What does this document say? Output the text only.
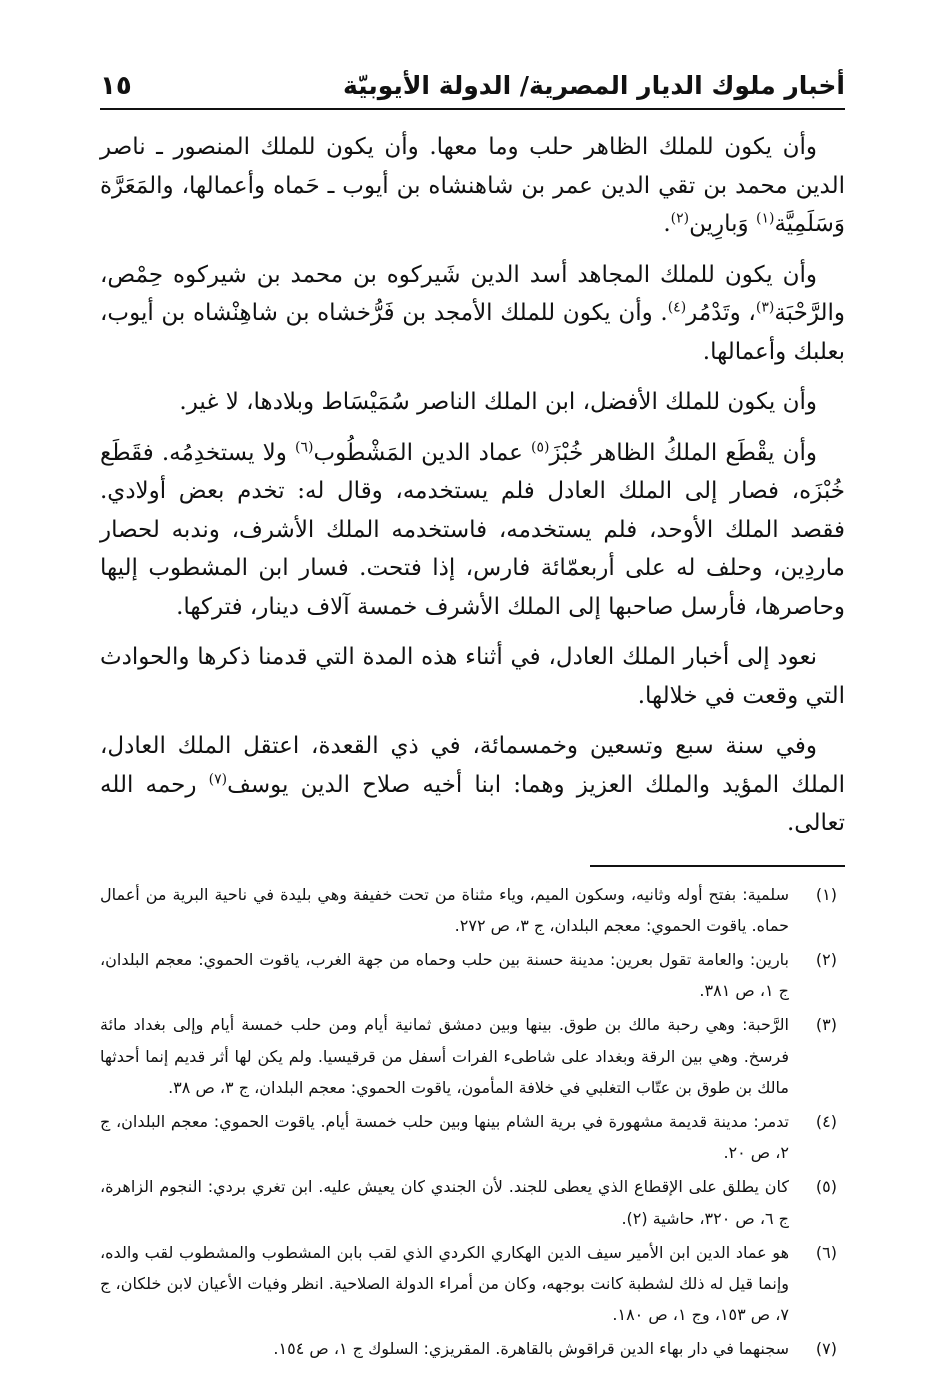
أخبار ملوك الديار المصرية/ الدولة الأيوبيّة
١٥

وأن يكون للملك الظاهر حلب وما معها. وأن يكون للملك المنصور ـ ناصر الدين محمد بن تقي الدين عمر بن شاهنشاه بن أيوب ـ حَماه وأعمالها، والمَعَرَّة وَسَلَمِيَّة$^{(١)}$ وَبارِين$^{(٢)}$.

وأن يكون للملك المجاهد أسد الدين شَيركوه بن محمد بن شيركوه حِمْص، والرَّحْبَة$^{(٣)}$، وتَدْمُر$^{(٤)}$. وأن يكون للملك الأمجد بن فَرُّخشاه بن شاهِنْشاه بن أيوب، بعلبك وأعمالها.

وأن يكون للملك الأفضل، ابن الملك الناصر سُمَيْسَاط وبلادها، لا غير.

وأن يقْطَع الملكُ الظاهر خُبْزَ$^{(٥)}$ عماد الدين المَشْطُوب$^{(٦)}$ ولا يستخدِمُه. فقَطَع خُبْزَه، فصار إلى الملك العادل فلم يستخدمه، وقال له: تخدم بعض أولادي. فقصد الملك الأوحد، فلم يستخدمه، فاستخدمه الملك الأشرف، وندبه لحصار ماردِين، وحلف له على أربعمّائة فارس، إذا فتحت. فسار ابن المشطوب إليها وحاصرها، فأرسل صاحبها إلى الملك الأشرف خمسة آلاف دينار، فتركها.

نعود إلى أخبار الملك العادل، في أثناء هذه المدة التي قدمنا ذكرها والحوادث التي وقعت في خلالها.

وفي سنة سبع وتسعين وخمسمائة، في ذي القعدة، اعتقل الملك العادل، الملك المؤيد والملك العزيز وهما: ابنا أخيه صلاح الدين يوسف$^{(٧)}$ رحمه الله تعالى.

(١)
سلمية: بفتح أوله وثانيه، وسكون الميم، وياء مثناة من تحت خفيفة وهي بليدة في ناحية البرية من أعمال حماه. ياقوت الحموي: معجم البلدان، ج ٣، ص ٢٧٢.
(٢)
بارين: والعامة تقول بعرين: مدينة حسنة بين حلب وحماه من جهة الغرب، ياقوت الحموي: معجم البلدان، ج ١، ص ٣٨١.
(٣)
الرَّحبة: وهي رحبة مالك بن طوق. بينها وبين دمشق ثمانية أيام ومن حلب خمسة أيام وإلى بغداد مائة فرسخ. وهي بين الرقة وبغداد على شاطىء الفرات أسفل من قرقيسيا. ولم يكن لها أثر قديم إنما أحدثها مالك بن طوق بن عتّاب التغلبي في خلافة المأمون، ياقوت الحموي: معجم البلدان، ج ٣، ص ٣٨.
(٤)
تدمر: مدينة قديمة مشهورة في برية الشام بينها وبين حلب خمسة أيام. ياقوت الحموي: معجم البلدان، ج ٢، ص ٢٠.
(٥)
كان يطلق على الإقطاع الذي يعطى للجند. لأن الجندي كان يعيش عليه. ابن تغري بردي: النجوم الزاهرة، ج ٦، ص ٣٢٠، حاشية (٢).
(٦)
هو عماد الدين ابن الأمير سيف الدين الهكاري الكردي الذي لقب بابن المشطوب والمشطوب لقب والده، وإنما قيل له ذلك لشطبة كانت بوجهه، وكان من أمراء الدولة الصلاحية. انظر وفيات الأعيان لابن خلكان، ج ٧، ص ١٥٣، وج ١، ص ١٨٠.
(٧)
سجنهما في دار بهاء الدين قراقوش بالقاهرة. المقريزي: السلوك ج ١، ص ١٥٤.
